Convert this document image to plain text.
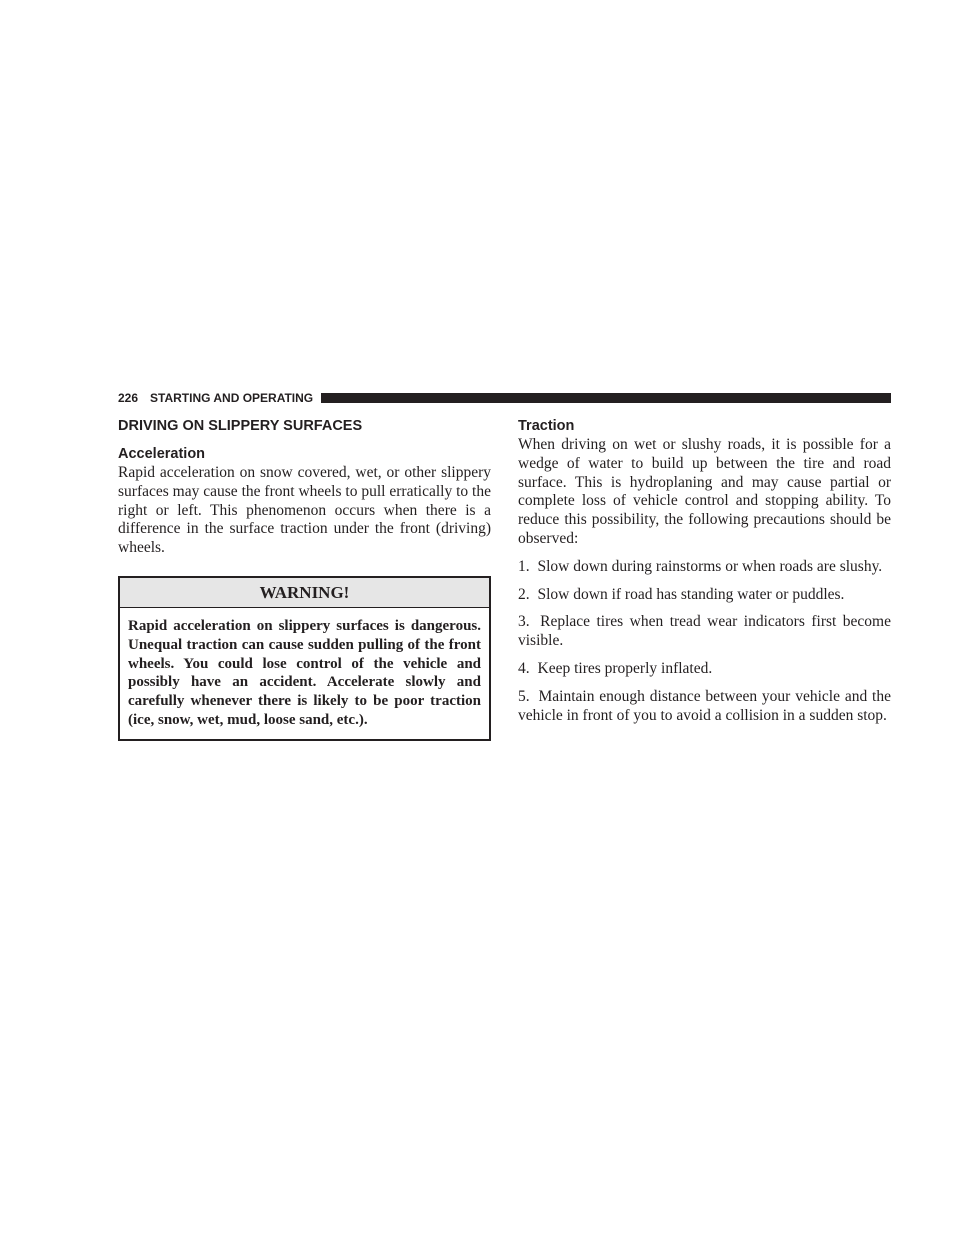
226 STARTING AND OPERATING
DRIVING ON SLIPPERY SURFACES
Acceleration

Rapid acceleration on snow covered, wet, or other slippery surfaces may cause the front wheels to pull erratically to the right or left. This phenomenon occurs when there is a difference in the surface traction under the front (driving) wheels.

WARNING!
Rapid acceleration on slippery surfaces is dangerous. Unequal traction can cause sudden pulling of the front wheels. You could lose control of the vehicle and possibly have an accident. Accelerate slowly and carefully whenever there is likely to be poor traction (ice, snow, wet, mud, loose sand, etc.).
Traction

When driving on wet or slushy roads, it is possible for a wedge of water to build up between the tire and road surface. This is hydroplaning and may cause partial or complete loss of vehicle control and stopping ability. To reduce this possibility, the following precautions should be observed:

1. Slow down during rainstorms or when roads are slushy.

2. Slow down if road has standing water or puddles.

3. Replace tires when tread wear indicators first become visible.

4. Keep tires properly inflated.

5. Maintain enough distance between your vehicle and the vehicle in front of you to avoid a collision in a sudden stop.
